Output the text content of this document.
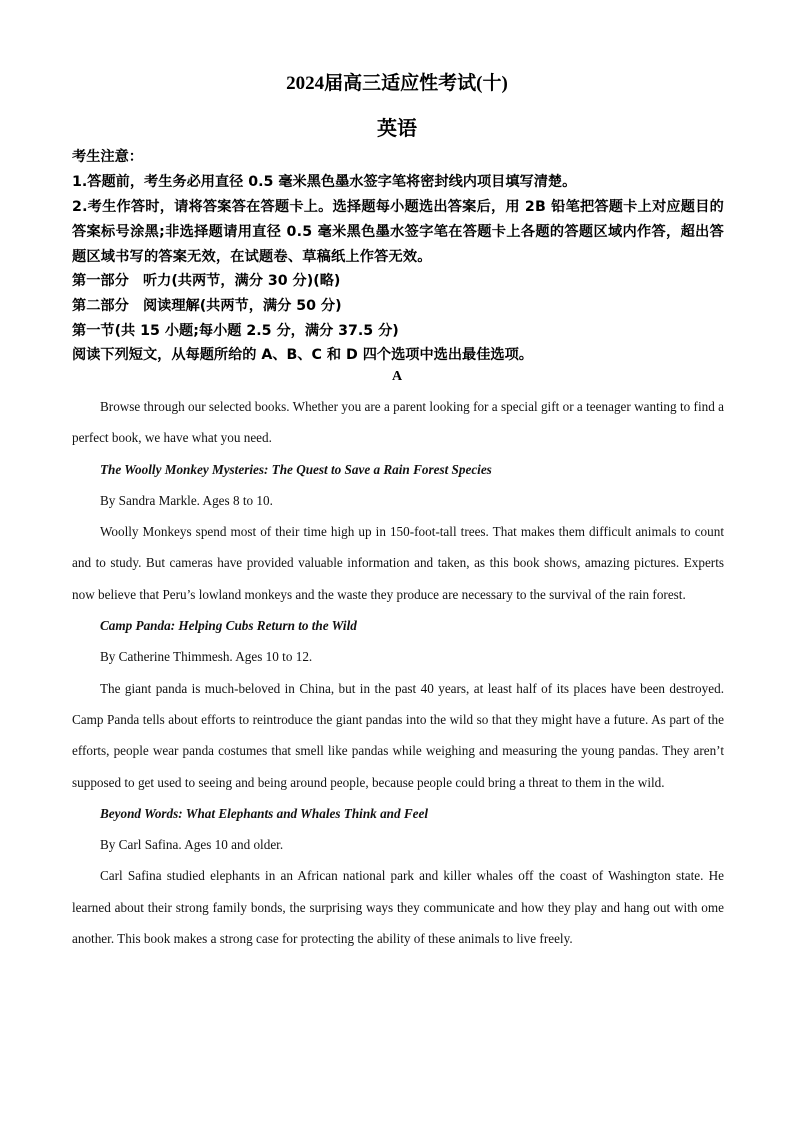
2024届高三适应性考试(十)
英语
考生注意：
1.答题前，考生务必用直径 0.5 毫米黑色墨水签字笔将密封线内项目填写清楚。
2.考生作答时，请将答案答在答题卡上。选择题每小题选出答案后，用 2B 铅笔把答题卡上对应题目的答案标号涂黑;非选择题请用直径 0.5 毫米黑色墨水签字笔在答题卡上各题的答题区域内作答，超出答题区域书写的答案无效，在试题卷、草稿纸上作答无效。
第一部分　听力(共两节，满分 30 分)(略)
第二部分　阅读理解(共两节，满分 50 分)
第一节(共 15 小题;每小题 2.5 分，满分 37.5 分)
阅读下列短文，从每题所给的 A、B、C 和 D 四个选项中选出最佳选项。
A

Browse through our selected books. Whether you are a parent looking for a special gift or a teenager wanting to find a perfect book, we have what you need.

The Woolly Monkey Mysteries: The Quest to Save a Rain Forest Species

By Sandra Markle. Ages 8 to 10.

Woolly Monkeys spend most of their time high up in 150-foot-tall trees. That makes them difficult animals to count and to study. But cameras have provided valuable information and taken, as this book shows, amazing pictures. Experts now believe that Peru’s lowland monkeys and the waste they produce are necessary to the survival of the rain forest.

Camp Panda: Helping Cubs Return to the Wild

By Catherine Thimmesh. Ages 10 to 12.

The giant panda is much-beloved in China, but in the past 40 years, at least half of its places have been destroyed. Camp Panda tells about efforts to reintroduce the giant pandas into the wild so that they might have a future. As part of the efforts, people wear panda costumes that smell like pandas while weighing and measuring the young pandas. They aren’t supposed to get used to seeing and being around people, because people could bring a threat to them in the wild.

Beyond Words: What Elephants and Whales Think and Feel

By Carl Safina. Ages 10 and older.

Carl Safina studied elephants in an African national park and killer whales off the coast of Washington state. He learned about their strong family bonds, the surprising ways they communicate and how they play and hang out with ome another. This book makes a strong case for protecting the ability of these animals to live freely.
